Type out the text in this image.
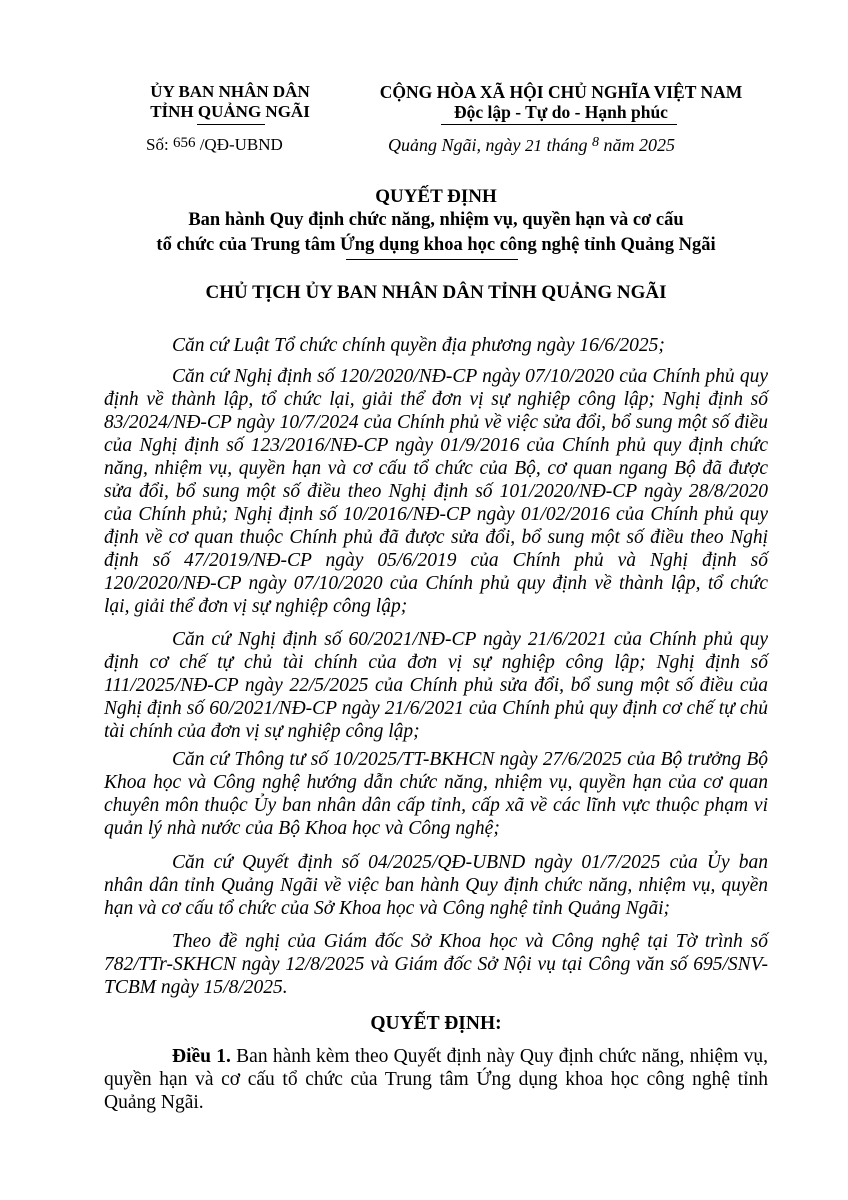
ỦY BAN NHÂN DÂN
TỈNH QUẢNG NGÃI
Số: 656 /QĐ-UBND
CỘNG HÒA XÃ HỘI CHỦ NGHĨA VIỆT NAM
Độc lập - Tự do - Hạnh phúc
Quảng Ngãi, ngày 21 tháng $^8$ năm 2025
QUYẾT ĐỊNH
Ban hành Quy định chức năng, nhiệm vụ, quyền hạn và cơ cấu
tổ chức của Trung tâm Ứng dụng khoa học công nghệ tỉnh Quảng Ngãi
CHỦ TỊCH ỦY BAN NHÂN DÂN TỈNH QUẢNG NGÃI

Căn cứ Luật Tổ chức chính quyền địa phương ngày 16/6/2025;

Căn cứ Nghị định số 120/2020/NĐ-CP ngày 07/10/2020 của Chính phủ quy định về thành lập, tổ chức lại, giải thể đơn vị sự nghiệp công lập; Nghị định số 83/2024/NĐ-CP ngày 10/7/2024 của Chính phủ về việc sửa đổi, bổ sung một số điều của Nghị định số 123/2016/NĐ-CP ngày 01/9/2016 của Chính phủ quy định chức năng, nhiệm vụ, quyền hạn và cơ cấu tổ chức của Bộ, cơ quan ngang Bộ đã được sửa đổi, bổ sung một số điều theo Nghị định số 101/2020/NĐ-CP ngày 28/8/2020 của Chính phủ; Nghị định số 10/2016/NĐ-CP ngày 01/02/2016 của Chính phủ quy định về cơ quan thuộc Chính phủ đã được sửa đổi, bổ sung một số điều theo Nghị định số 47/2019/NĐ-CP ngày 05/6/2019 của Chính phủ và Nghị định số 120/2020/NĐ-CP ngày 07/10/2020 của Chính phủ quy định về thành lập, tổ chức lại, giải thể đơn vị sự nghiệp công lập;

Căn cứ Nghị định số 60/2021/NĐ-CP ngày 21/6/2021 của Chính phủ quy định cơ chế tự chủ tài chính của đơn vị sự nghiệp công lập; Nghị định số 111/2025/NĐ-CP ngày 22/5/2025 của Chính phủ sửa đổi, bổ sung một số điều của Nghị định số 60/2021/NĐ-CP ngày 21/6/2021 của Chính phủ quy định cơ chế tự chủ tài chính của đơn vị sự nghiệp công lập;

Căn cứ Thông tư số 10/2025/TT-BKHCN ngày 27/6/2025 của Bộ trưởng Bộ Khoa học và Công nghệ hướng dẫn chức năng, nhiệm vụ, quyền hạn của cơ quan chuyên môn thuộc Ủy ban nhân dân cấp tỉnh, cấp xã về các lĩnh vực thuộc phạm vi quản lý nhà nước của Bộ Khoa học và Công nghệ;

Căn cứ Quyết định số 04/2025/QĐ-UBND ngày 01/7/2025 của Ủy ban nhân dân tỉnh Quảng Ngãi về việc ban hành Quy định chức năng, nhiệm vụ, quyền hạn và cơ cấu tổ chức của Sở Khoa học và Công nghệ tỉnh Quảng Ngãi;

Theo đề nghị của Giám đốc Sở Khoa học và Công nghệ tại Tờ trình số 782/TTr-SKHCN ngày 12/8/2025 và Giám đốc Sở Nội vụ tại Công văn số 695/SNV-TCBM ngày 15/8/2025.

QUYẾT ĐỊNH:

Điều 1. Ban hành kèm theo Quyết định này Quy định chức năng, nhiệm vụ, quyền hạn và cơ cấu tổ chức của Trung tâm Ứng dụng khoa học công nghệ tỉnh Quảng Ngãi.
